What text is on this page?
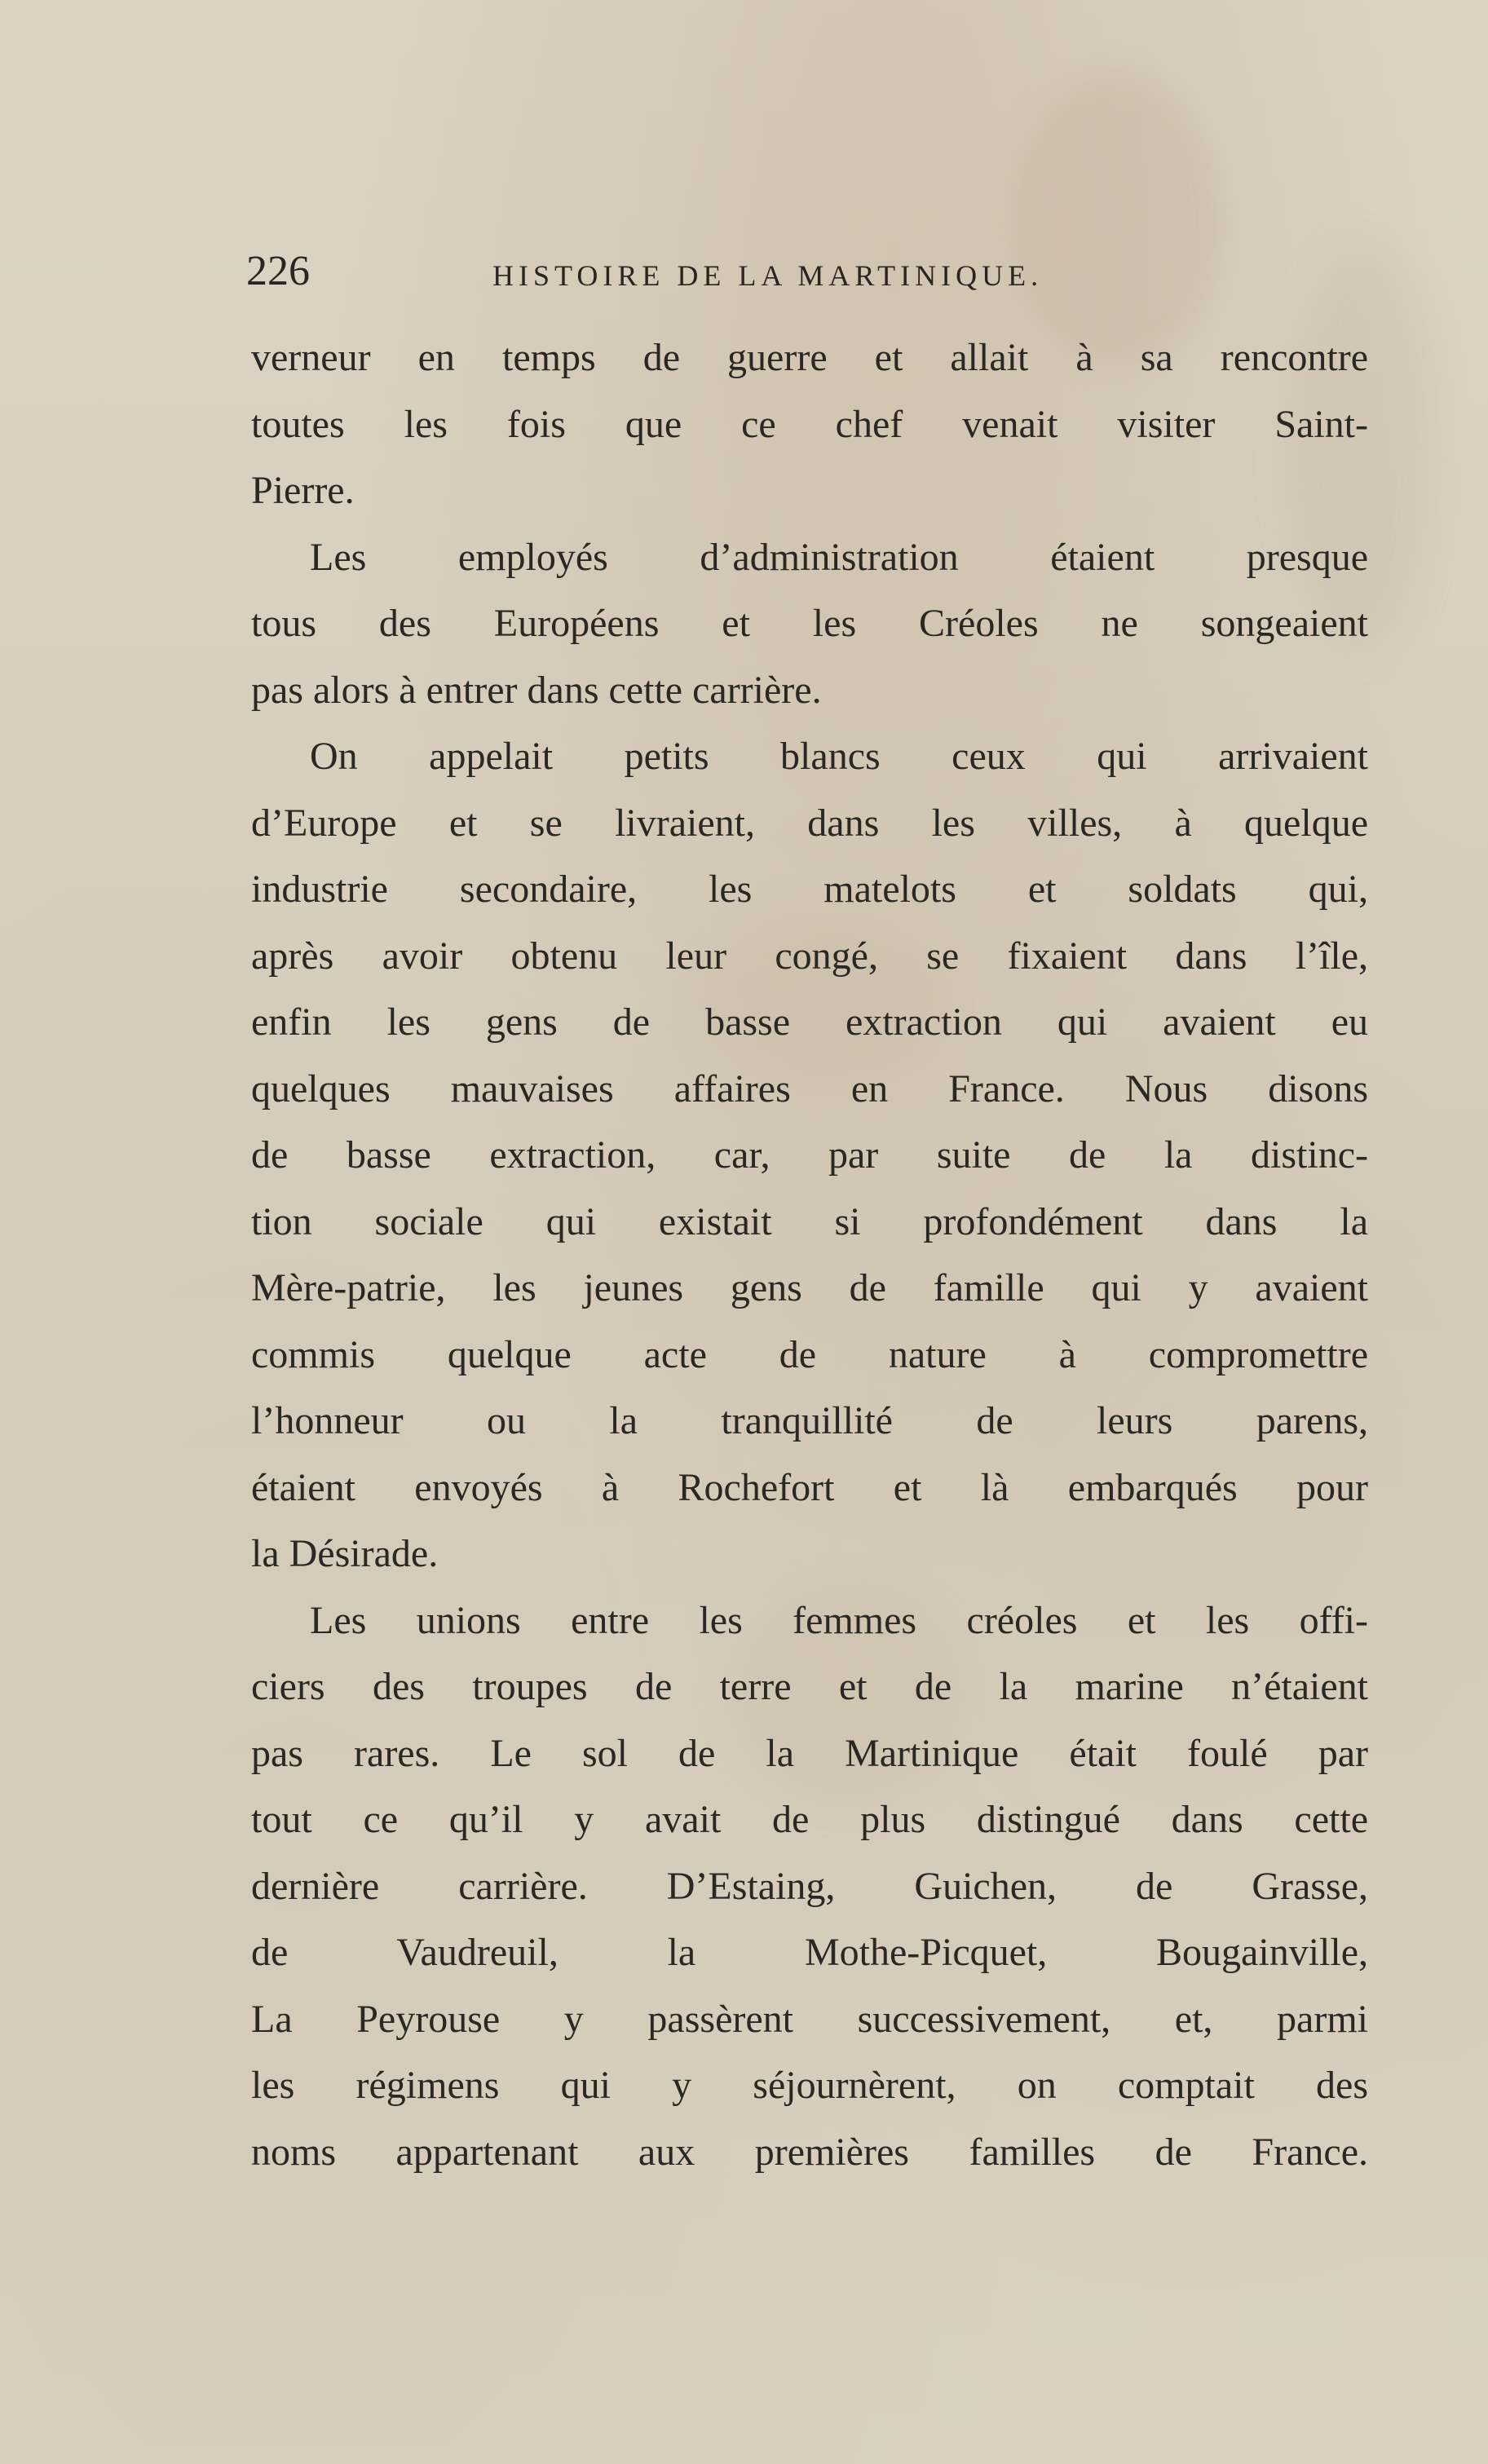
226	HISTOIRE DE LA MARTINIQUE.
verneur en temps de guerre et allait à sa rencontre
toutes les fois que ce chef venait visiter Saint-
Pierre.
Les employés d’administration étaient presque
tous des Européens et les Créoles ne songeaient
pas alors à entrer dans cette carrière.
On appelait petits blancs ceux qui arrivaient
d’Europe et se livraient, dans les villes, à quelque
industrie secondaire, les matelots et soldats qui,
après avoir obtenu leur congé, se fixaient dans l’île,
enfin les gens de basse extraction qui avaient eu
quelques mauvaises affaires en France. Nous disons
de basse extraction, car, par suite de la distinc-
tion sociale qui existait si profondément dans la
Mère-patrie, les jeunes gens de famille qui y avaient
commis quelque acte de nature à compromettre
l’honneur ou la tranquillité de leurs parens,
étaient envoyés à Rochefort et là embarqués pour
la Désirade.
Les unions entre les femmes créoles et les offi-
ciers des troupes de terre et de la marine n’étaient
pas rares. Le sol de la Martinique était foulé par
tout ce qu’il y avait de plus distingué dans cette
dernière carrière. D’Estaing, Guichen, de Grasse,
de Vaudreuil, la Mothe-Picquet, Bougainville,
La Peyrouse y passèrent successivement, et, parmi
les régimens qui y séjournèrent, on comptait des
noms appartenant aux premières familles de France.
